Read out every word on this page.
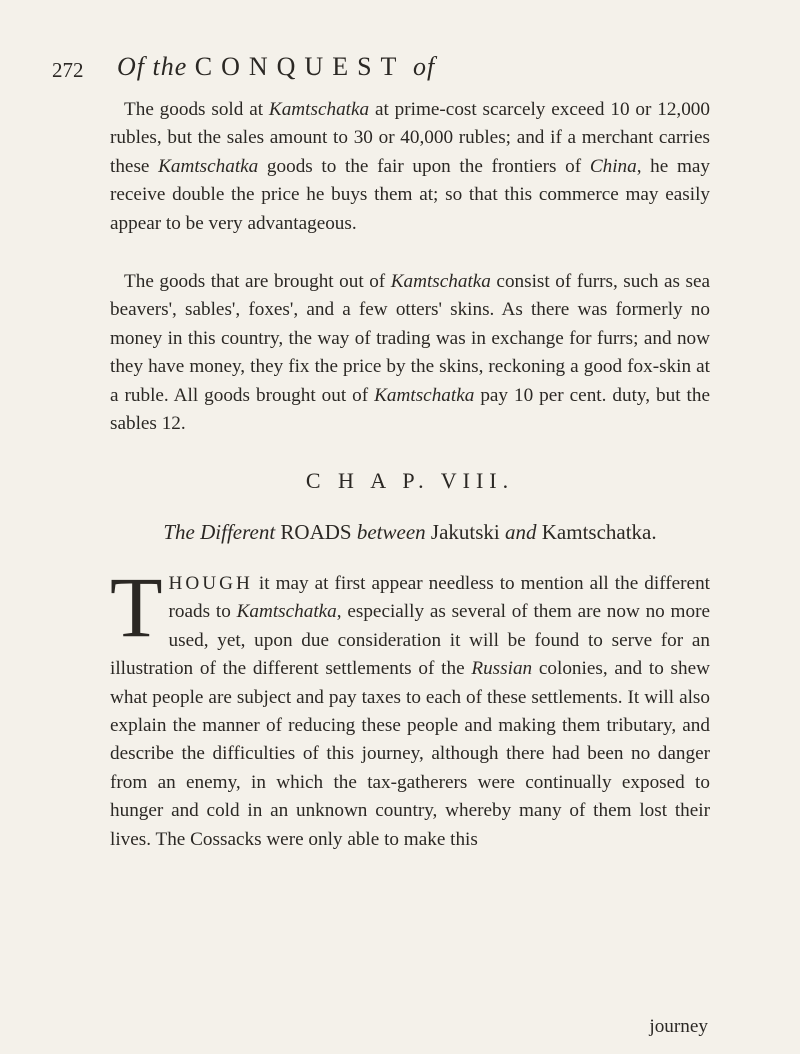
272 Of the CONQUEST of

The goods sold at Kamtschatka at prime-cost scarcely exceed 10 or 12,000 rubles, but the sales amount to 30 or 40,000 rubles; and if a merchant carries these Kamtschatka goods to the fair upon the frontiers of China, he may receive double the price he buys them at; so that this commerce may easily appear to be very advantageous.

The goods that are brought out of Kamtschatka consist of furrs, such as sea beavers', sables', foxes', and a few otters' skins. As there was formerly no money in this country, the way of trading was in exchange for furrs; and now they have money, they fix the price by the skins, reckoning a good fox-skin at a ruble. All goods brought out of Kamtschatka pay 10 per cent. duty, but the sables 12.

C H A P. VIII.
The Different ROADS between Jakutski and Kamtschatka.
THOUGH it may at first appear needless to mention all the different roads to Kamtschatka, especially as several of them are now no more used, yet, upon due consideration it will be found to serve for an illustration of the different settlements of the Russian colonies, and to shew what people are subject and pay taxes to each of these settlements. It will also explain the manner of reducing these people and making them tributary, and describe the difficulties of this journey, although there had been no danger from an enemy, in which the tax-gatherers were continually exposed to hunger and cold in an unknown country, whereby many of them lost their lives. The Cossacks were only able to make this
journey
